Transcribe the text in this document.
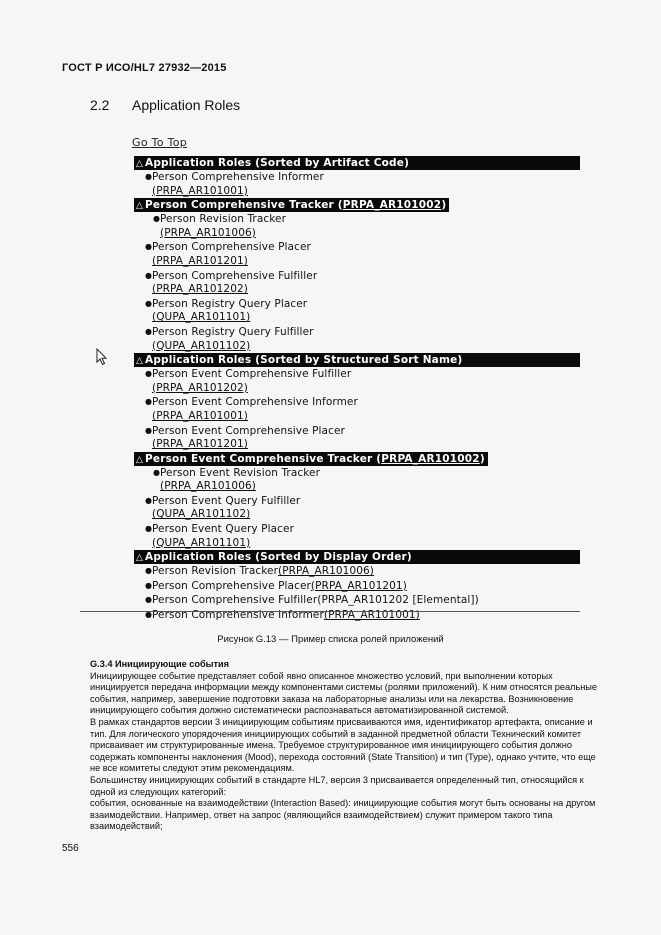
ГОСТ Р ИСО/HL7 27932—2015
2.2 Application Roles
Go To Top
△ Application Roles (Sorted by Artifact Code)
●Person Comprehensive Informer
(PRPA_AR101001)
△ Person Comprehensive Tracker (PRPA_AR101002)
●Person Revision Tracker
(PRPA_AR101006)
●Person Comprehensive Placer
(PRPA_AR101201)
●Person Comprehensive Fulfiller
(PRPA_AR101202)
●Person Registry Query Placer
(QUPA_AR101101)
●Person Registry Query Fulfiller
(QUPA_AR101102)
△ Application Roles (Sorted by Structured Sort Name)
●Person Event Comprehensive Fulfiller
(PRPA_AR101202)
●Person Event Comprehensive Informer
(PRPA_AR101001)
●Person Event Comprehensive Placer
(PRPA_AR101201)
△ Person Event Comprehensive Tracker (PRPA_AR101002)
●Person Event Revision Tracker
(PRPA_AR101006)
●Person Event Query Fulfiller
(QUPA_AR101102)
●Person Event Query Placer
(QUPA_AR101101)
△ Application Roles (Sorted by Display Order)
●Person Revision Tracker(PRPA_AR101006)
●Person Comprehensive Placer(PRPA_AR101201)
●Person Comprehensive Fulfiller(PRPA_AR101202 [Elemental])
●Person Comprehensive Informer(PRPA_AR101001)
Рисунок G.13 — Пример списка ролей приложений

G.3.4 Инициирующие события

Инициирующее событие представляет собой явно описанное множество условий, при выполнении которых инициируется передача информации между компонентами системы (ролями приложений). К ним относятся реальные события, например, завершение подготовки заказа на лабораторные анализы или на лекарства. Возникновение инициирующего события должно систематически распознаваться автоматизированной системой.

В рамках стандартов версии 3 инициирующим событиям присваиваются имя, идентификатор артефакта, описание и тип. Для логического упорядочения инициирующих событий в заданной предметной области Технический комитет присваивает им структурированные имена. Требуемое структурированное имя инициирующего события должно содержать компоненты наклонения (Mood), перехода состояний (State Transition) и тип (Type), однако учтите, что еще не все комитеты следуют этим рекомендациям.

Большинству инициирующих событий в стандарте HL7, версия 3 присваивается определенный тип, относящийся к одной из следующих категорий:

события, основанные на взаимодействии (Interaction Based): инициирующие события могут быть основаны на другом взаимодействии. Например, ответ на запрос (являющийся взаимодействием) служит примером такого типа взаимодействий;

556
